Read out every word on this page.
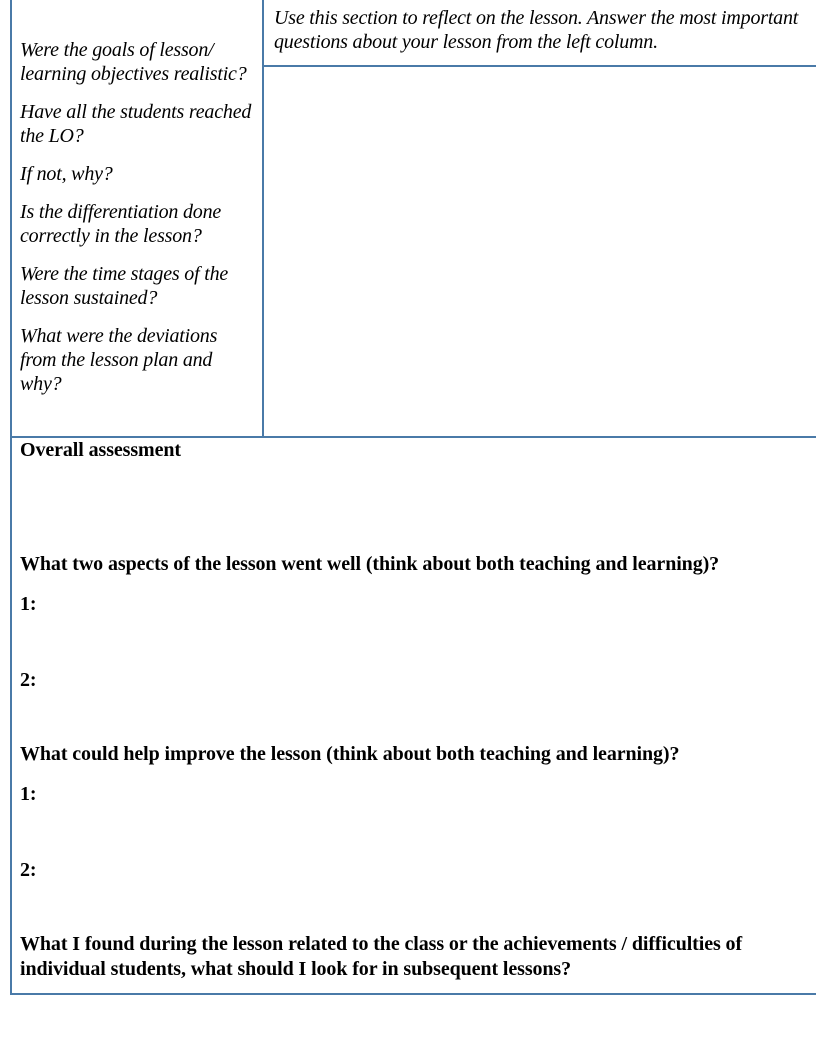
Were the goals of lesson/ learning objectives realistic?

Have all the students reached the LO?

If not, why?

Is the differentiation done correctly in the lesson?

Were the time stages of the lesson sustained?

What were the deviations from the lesson plan and why?

Use this section to reflect on the lesson. Answer the most important questions about your lesson from the left column.
Overall assessment
What two aspects of the lesson went well (think about both teaching and learning)?
1:
2:
What could help improve the lesson (think about both teaching and learning)?
1:
2:
What I found during the lesson related to the class or the achievements / difficulties of individual students, what should I look for in subsequent lessons?
